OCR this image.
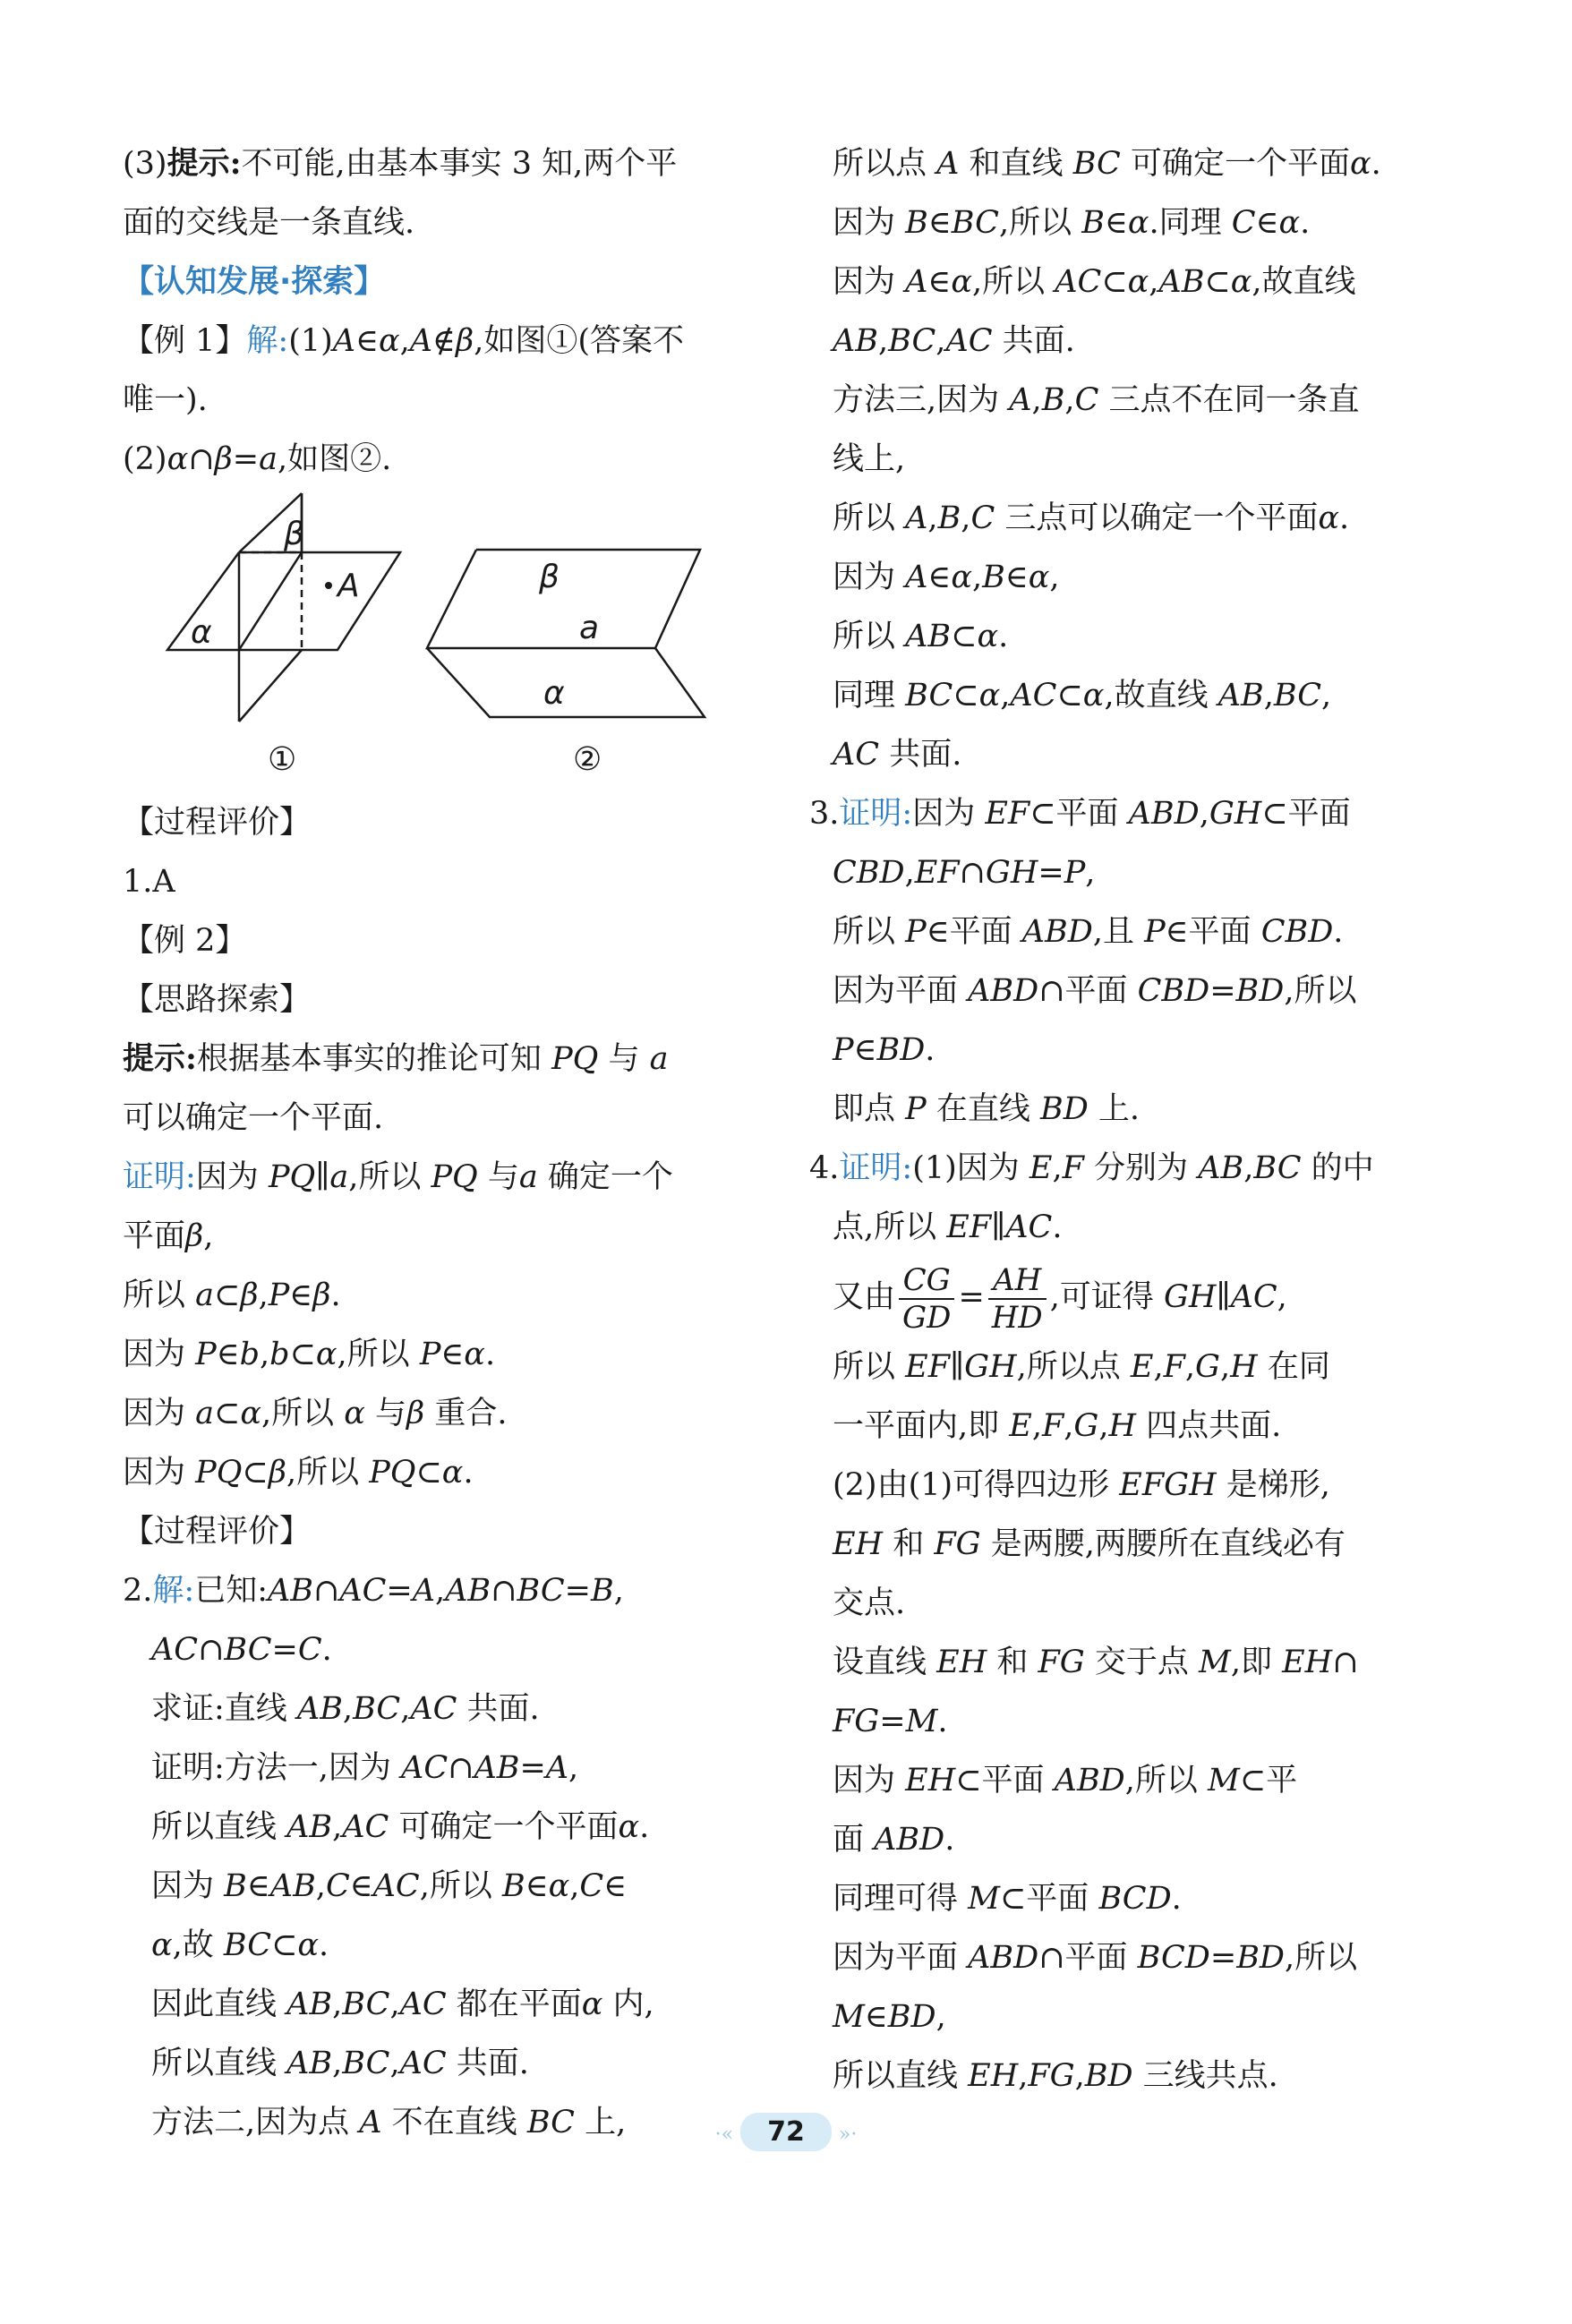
(3)提示:不可能,由基本事实 3 知,两个平
面的交线是一条直线.
【认知发展·探索】
【例 1】解:(1)A∈α,A∉β,如图①(答案不
唯一).
(2)α∩β=a,如图②.
β
α
A	β
a
α
①	②
【过程评价】
1.A
【例 2】
【思路探索】
提示:根据基本事实的推论可知 PQ 与 a
可以确定一个平面.
证明:因为 PQ∥a,所以 PQ 与a 确定一个
平面β,
所以 a⊂β,P∈β.
因为 P∈b,b⊂α,所以 P∈α.
因为 a⊂α,所以 α 与β 重合.
因为 PQ⊂β,所以 PQ⊂α.
【过程评价】
2.解:已知:AB∩AC=A,AB∩BC=B,
AC∩BC=C.
求证:直线 AB,BC,AC 共面.
证明:方法一,因为 AC∩AB=A,
所以直线 AB,AC 可确定一个平面α.
因为 B∈AB,C∈AC,所以 B∈α,C∈
α,故 BC⊂α.
因此直线 AB,BC,AC 都在平面α 内,
所以直线 AB,BC,AC 共面.
方法二,因为点 A 不在直线 BC 上,
所以点 A 和直线 BC 可确定一个平面α.
因为 B∈BC,所以 B∈α.同理 C∈α.
因为 A∈α,所以 AC⊂α,AB⊂α,故直线
AB,BC,AC 共面.
方法三,因为 A,B,C 三点不在同一条直
线上,
所以 A,B,C 三点可以确定一个平面α.
因为 A∈α,B∈α,
所以 AB⊂α.
同理 BC⊂α,AC⊂α,故直线 AB,BC,
AC 共面.
3.证明:因为 EF⊂平面 ABD,GH⊂平面
CBD,EF∩GH=P,
所以 P∈平面 ABD,且 P∈平面 CBD.
因为平面 ABD∩平面 CBD=BD,所以
P∈BD.
即点 P 在直线 BD 上.
4.证明:(1)因为 E,F 分别为 AB,BC 的中
点,所以 EF∥AC.
又由 $\frac{CG}{GD} = \frac{AH}{HD}$ ,可证得 GH∥AC,
所以 EF∥GH,所以点 E,F,G,H 在同
一平面内,即 E,F,G,H 四点共面.
(2)由(1)可得四边形 EFGH 是梯形,
EH 和 FG 是两腰,两腰所在直线必有
交点.
设直线 EH 和 FG 交于点 M,即 EH∩
FG=M.
因为 EH⊂平面 ABD,所以 M⊂平
面 ABD.
同理可得 M⊂平面 BCD.
因为平面 ABD∩平面 BCD=BD,所以
M∈BD,
所以直线 EH,FG,BD 三线共点.
·« 72 »·
